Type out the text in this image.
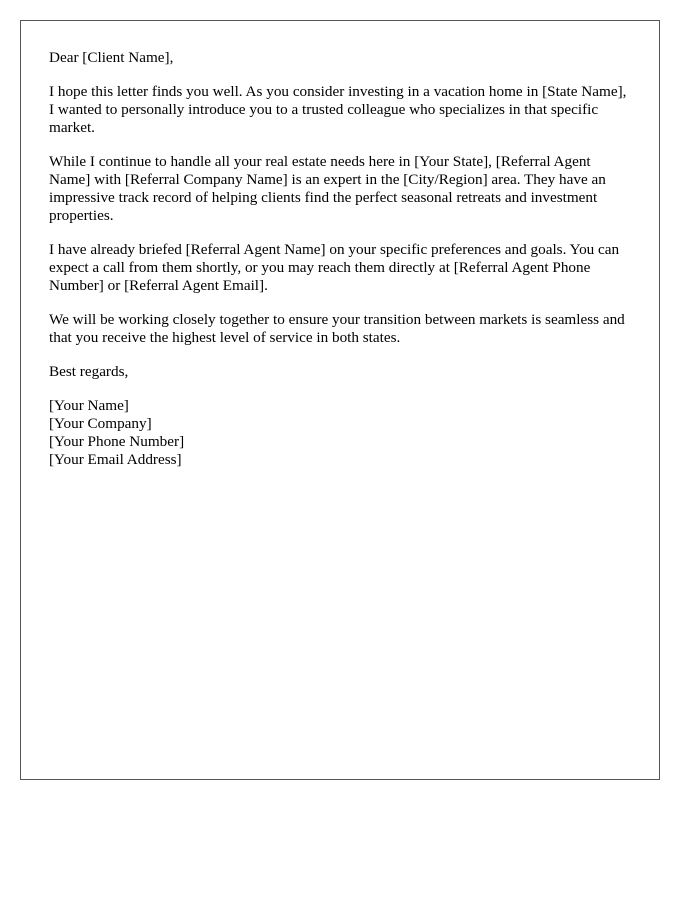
Dear [Client Name],

I hope this letter finds you well. As you consider investing in a vacation home in [State Name], I wanted to personally introduce you to a trusted colleague who specializes in that specific market.

While I continue to handle all your real estate needs here in [Your State], [Referral Agent Name] with [Referral Company Name] is an expert in the [City/Region] area. They have an impressive track record of helping clients find the perfect seasonal retreats and investment properties.

I have already briefed [Referral Agent Name] on your specific preferences and goals. You can expect a call from them shortly, or you may reach them directly at [Referral Agent Phone Number] or [Referral Agent Email].

We will be working closely together to ensure your transition between markets is seamless and that you receive the highest level of service in both states.

Best regards,

[Your Name]
[Your Company]
[Your Phone Number]
[Your Email Address]
